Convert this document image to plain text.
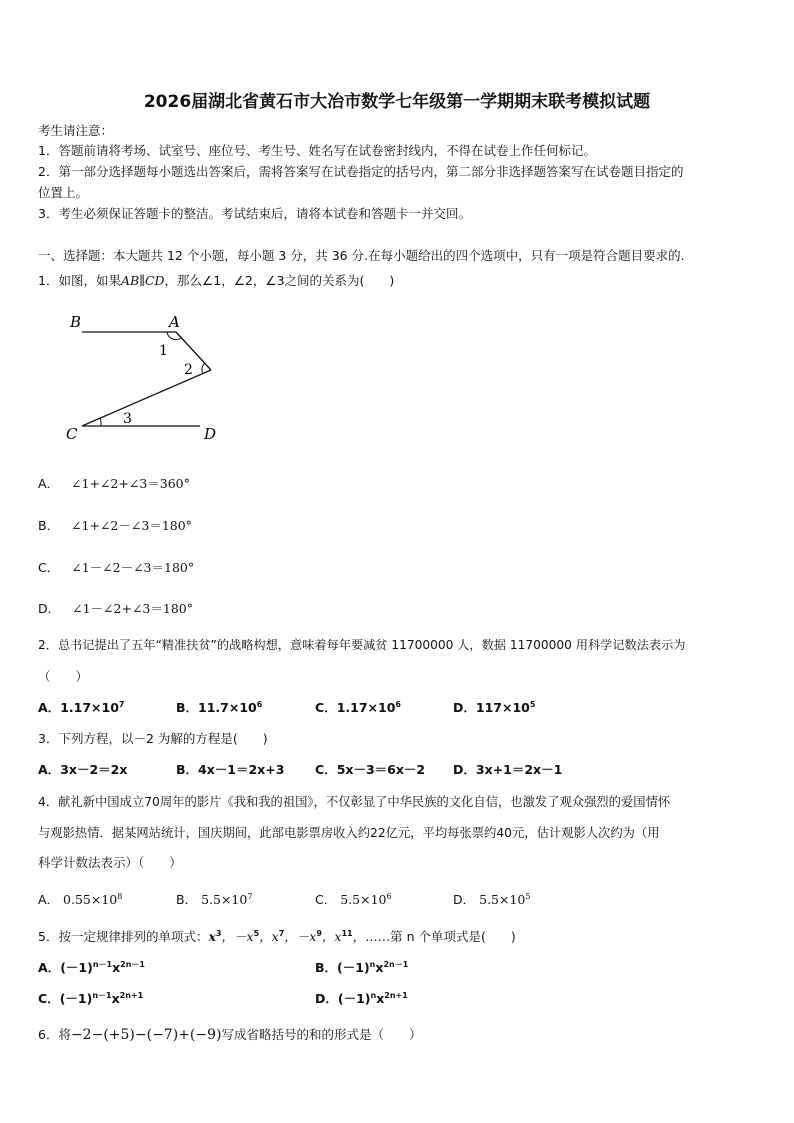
2026届湖北省黄石市大冶市数学七年级第一学期期末联考模拟试题
考生请注意：
1．答题前请将考场、试室号、座位号、考生号、姓名写在试卷密封线内，不得在试卷上作任何标记。
2．第一部分选择题每小题选出答案后，需将答案写在试卷指定的括号内，第二部分非选择题答案写在试卷题目指定的
位置上。
3．考生必须保证答题卡的整洁。考试结束后，请将本试卷和答题卡一并交回。
一、选择题：本大题共 12 个小题，每小题 3 分，共 36 分.在每小题给出的四个选项中，只有一项是符合题目要求的.
1．如图，如果AB∥CD，那么∠1，∠2，∠3之间的关系为(　　)
B	A
C	D
1
2
3
A． ∠1+∠2+∠3＝360°
B． ∠1+∠2－∠3＝180°
C． ∠1－∠2－∠3＝180°
D． ∠1－∠2+∠3＝180°
2．总书记提出了五年“精准扶贫”的战略构想，意味着每年要减贫 11700000 人，数据 11700000 用科学记数法表示为
（　　）
A．$1.17\times 10^7$	B．$11.7\times 10^6$	C．$1.17\times 10^6$	D．$117\times 10^5$
3．下列方程，以－2 为解的方程是(　　)
A．3x－2＝2x	B．4x－1＝2x+3 C．5x－3＝6x－2 D．3x+1＝2x－1
4．献礼新中国成立70周年的影片《我和我的祖国》，不仅彰显了中华民族的文化自信，也激发了观众强烈的爱国情怀
与观影热情．据某网站统计，国庆期间，此部电影票房收入约22亿元，平均每张票约40元，估计观影人次约为（用
科学计数法表示）（　　）
A． $0.55\times 10^8$	B． $5.5\times 10^7$	C． $5.5\times 10^6$	D． $5.5\times 10^5$
5．按一定规律排列的单项式：$x^3$，$-x^5$，$x^7$，$-x^9$，$x^{11}$，……第 n 个单项式是(　　)
A．$(-1)^{n-1}x^{2n-1}$	B．$(-1)^nx^{2n-1}$
C．$(-1)^{n-1}x^{2n+1}$	D．$(-1)^nx^{2n+1}$
6．将−2−(+5)−(−7)+(−9)写成省略括号的和的形式是（　　）
